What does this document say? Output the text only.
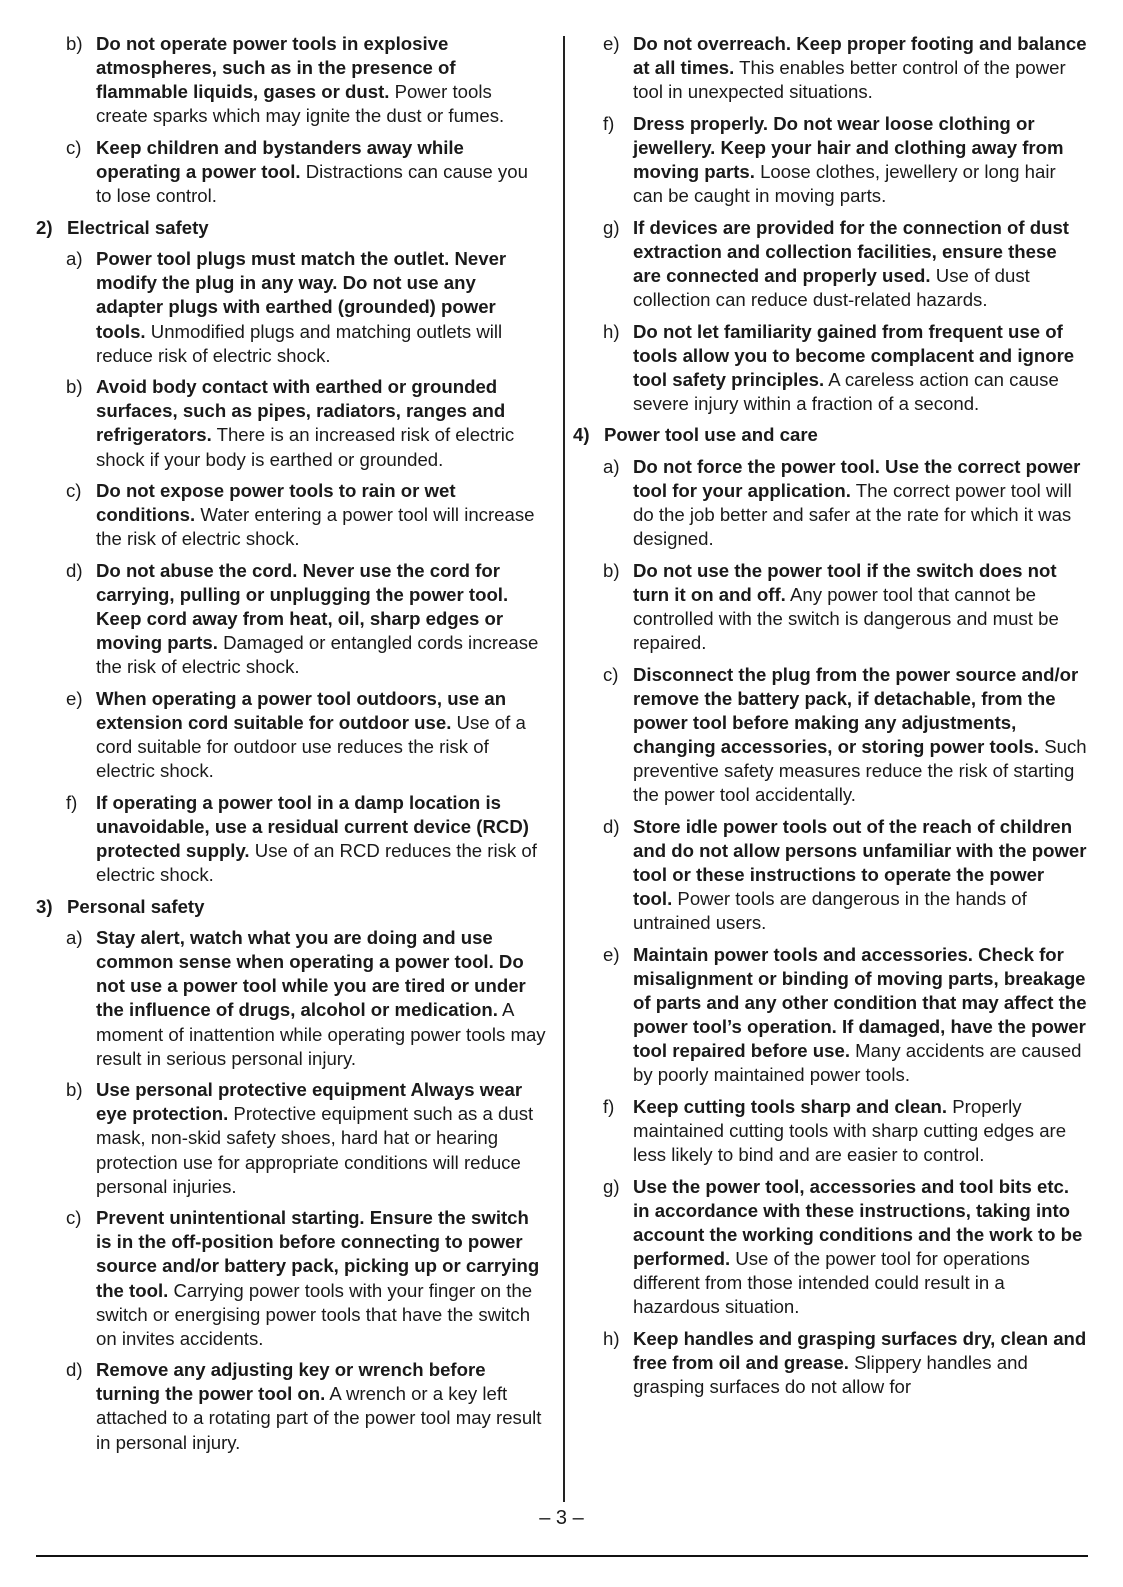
b) Do not operate power tools in explosive atmospheres, such as in the presence of flammable liquids, gases or dust. Power tools create sparks which may ignite the dust or fumes.
c) Keep children and bystanders away while operating a power tool. Distractions can cause you to lose control.
2) Electrical safety
a) Power tool plugs must match the outlet. Never modify the plug in any way. Do not use any adapter plugs with earthed (grounded) power tools. Unmodified plugs and matching outlets will reduce risk of electric shock.
b) Avoid body contact with earthed or grounded surfaces, such as pipes, radiators, ranges and refrigerators. There is an increased risk of electric shock if your body is earthed or grounded.
c) Do not expose power tools to rain or wet conditions. Water entering a power tool will increase the risk of electric shock.
d) Do not abuse the cord. Never use the cord for carrying, pulling or unplugging the power tool. Keep cord away from heat, oil, sharp edges or moving parts. Damaged or entangled cords increase the risk of electric shock.
e) When operating a power tool outdoors, use an extension cord suitable for outdoor use. Use of a cord suitable for outdoor use reduces the risk of electric shock.
f)	If operating a power tool in a damp location is unavoidable, use a residual current device (RCD) protected supply. Use of an RCD reduces the risk of electric shock.
3) Personal safety
a) Stay alert, watch what you are doing and use common sense when operating a power tool. Do not use a power tool while you are tired or under the influence of drugs, alcohol or medication. A moment of inattention while operating power tools may result in serious personal injury.
b) Use personal protective equipment Always wear eye protection. Protective equipment such as a dust mask, non-skid safety shoes, hard hat or hearing protection use for appropriate conditions will reduce personal injuries.
c) Prevent unintentional starting. Ensure the switch is in the off-position before connecting to power source and/or battery pack, picking up or carrying the tool. Carrying power tools with your finger on the switch or energising power tools that have the switch on invites accidents.
d) Remove any adjusting key or wrench before turning the power tool on. A wrench or a key left attached to a rotating part of the power tool may result in personal injury.
e) Do not overreach. Keep proper footing and balance at all times. This enables better control of the power tool in unexpected situations.
f)	Dress properly. Do not wear loose clothing or jewellery. Keep your hair and clothing away from moving parts. Loose clothes, jewellery or long hair can be caught in moving parts.
g) If devices are provided for the connection of dust extraction and collection facilities, ensure these are connected and properly used. Use of dust collection can reduce dust-related hazards.
h) Do not let familiarity gained from frequent use of tools allow you to become complacent and ignore tool safety principles. A careless action can cause severe injury within a fraction of a second.
4) Power tool use and care
a) Do not force the power tool. Use the correct power tool for your application. The correct power tool will do the job better and safer at the rate for which it was designed.
b) Do not use the power tool if the switch does not turn it on and off. Any power tool that cannot be controlled with the switch is dangerous and must be repaired.
c) Disconnect the plug from the power source and/or remove the battery pack, if detachable, from the power tool before making any adjustments, changing accessories, or storing power tools. Such preventive safety measures reduce the risk of starting the power tool accidentally.
d) Store idle power tools out of the reach of children and do not allow persons unfamiliar with the power tool or these instructions to operate the power tool. Power tools are dangerous in the hands of untrained users.
e) Maintain power tools and accessories. Check for misalignment or binding of moving parts, breakage of parts and any other condition that may affect the power tool’s operation. If damaged, have the power tool repaired before use. Many accidents are caused by poorly maintained power tools.
f)	Keep cutting tools sharp and clean. Properly maintained cutting tools with sharp cutting edges are less likely to bind and are easier to control.
g) Use the power tool, accessories and tool bits etc. in accordance with these instructions, taking into account the working conditions and the work to be performed. Use of the power tool for operations different from those intended could result in a hazardous situation.
h) Keep handles and grasping surfaces dry, clean and free from oil and grease. Slippery handles and grasping surfaces do not allow for
– 3 –
